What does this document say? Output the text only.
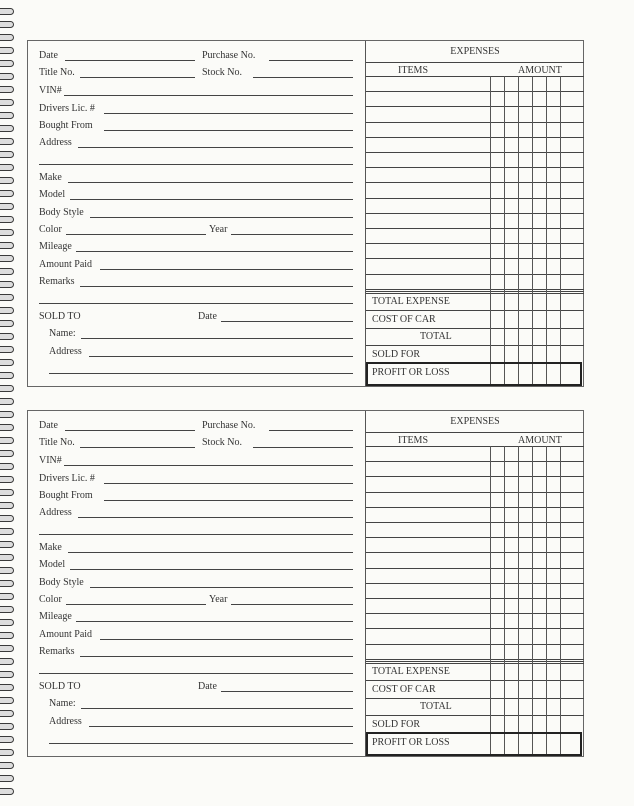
Date	Purchase No.
Title No.	Stock No.
VIN#
Drivers Lic. #
Bought From
Address
Make
Model
Body Style
Color	Year
Mileage
Amount Paid
Remarks
SOLD TO	Date
Name:
Address
EXPENSES
ITEMS	AMOUNT
TOTAL EXPENSE
COST OF CAR
TOTAL
SOLD FOR
PROFIT OR LOSS
Date	Purchase No.
Title No.	Stock No.
VIN#
Drivers Lic. #
Bought From
Address
Make
Model
Body Style
Color	Year
Mileage
Amount Paid
Remarks
SOLD TO	Date
Name:
Address
EXPENSES
ITEMS	AMOUNT
TOTAL EXPENSE
COST OF CAR
TOTAL
SOLD FOR
PROFIT OR LOSS
